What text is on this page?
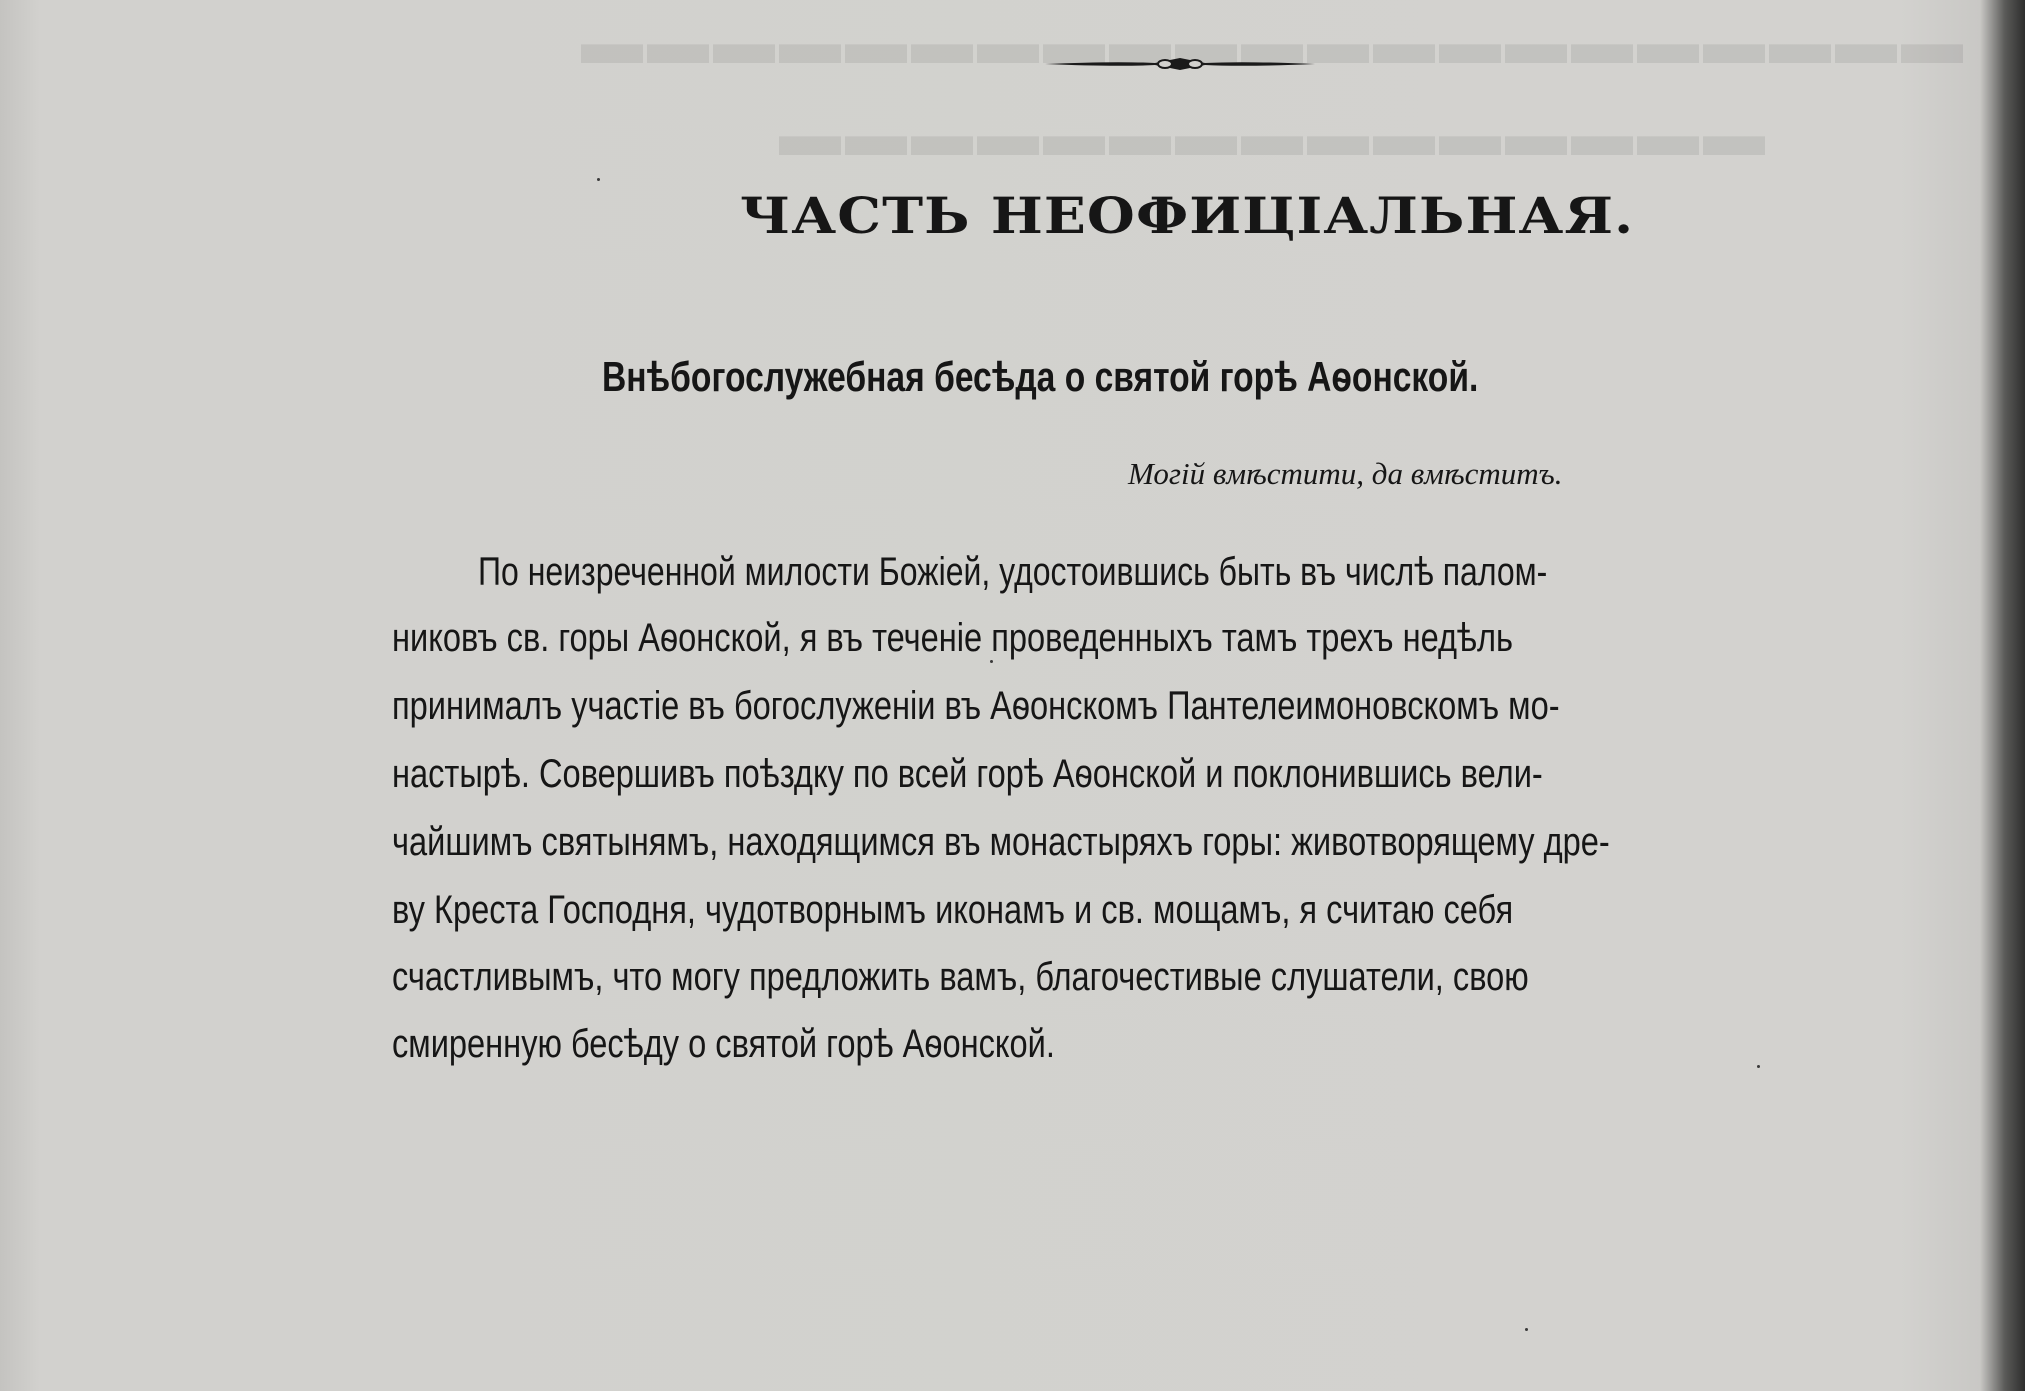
▬▬▬▬▬▬▬▬▬▬▬▬▬▬▬▬▬▬▬▬▬
▬▬▬▬▬▬▬▬▬▬▬▬▬▬▬
ЧАСТЬ НЕОФИЦІАЛЬНАЯ.
Внѣбогослужебная бесѣда о святой горѣ Аѳонской.
Могій вмѣстити, да вмѣститъ.
По неизреченной милости Божіей, удостоившись быть въ числѣ палом-
никовъ св. горы Аѳонской, я въ теченіе проведенныхъ тамъ трехъ недѣль
принималъ участіе въ богослуженіи въ Аѳонскомъ Пантелеимоновскомъ мо-
настырѣ. Совершивъ поѣздку по всей горѣ Аѳонской и поклонившись вели-
чайшимъ святынямъ, находящимся въ монастыряхъ горы: животворящему дре-
ву Креста Господня, чудотворнымъ иконамъ и св. мощамъ, я считаю себя
счастливымъ, что могу предложить вамъ, благочестивые слушатели, свою
смиренную бесѣду о святой горѣ Аѳонской.
